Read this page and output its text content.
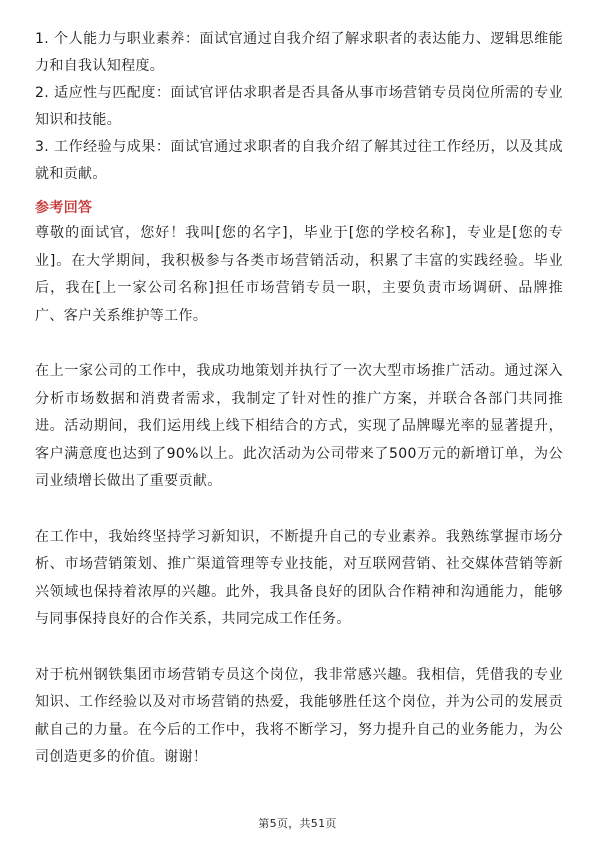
1. 个人能力与职业素养：面试官通过自我介绍了解求职者的表达能力、逻辑思维能力和自我认知程度。

2. 适应性与匹配度：面试官评估求职者是否具备从事市场营销专员岗位所需的专业知识和技能。

3. 工作经验与成果：面试官通过求职者的自我介绍了解其过往工作经历，以及其成就和贡献。

参考回答

尊敬的面试官，您好！我叫[您的名字]，毕业于[您的学校名称]，专业是[您的专业]。在大学期间，我积极参与各类市场营销活动，积累了丰富的实践经验。毕业后，我在[上一家公司名称]担任市场营销专员一职，主要负责市场调研、品牌推广、客户关系维护等工作。

在上一家公司的工作中，我成功地策划并执行了一次大型市场推广活动。通过深入分析市场数据和消费者需求，我制定了针对性的推广方案，并联合各部门共同推进。活动期间，我们运用线上线下相结合的方式，实现了品牌曝光率的显著提升，客户满意度也达到了90%以上。此次活动为公司带来了500万元的新增订单，为公司业绩增长做出了重要贡献。

在工作中，我始终坚持学习新知识，不断提升自己的专业素养。我熟练掌握市场分析、市场营销策划、推广渠道管理等专业技能，对互联网营销、社交媒体营销等新兴领域也保持着浓厚的兴趣。此外，我具备良好的团队合作精神和沟通能力，能够与同事保持良好的合作关系，共同完成工作任务。

对于杭州钢铁集团市场营销专员这个岗位，我非常感兴趣。我相信，凭借我的专业知识、工作经验以及对市场营销的热爱，我能够胜任这个岗位，并为公司的发展贡献自己的力量。在今后的工作中，我将不断学习，努力提升自己的业务能力，为公司创造更多的价值。谢谢！

第5页，共51页
